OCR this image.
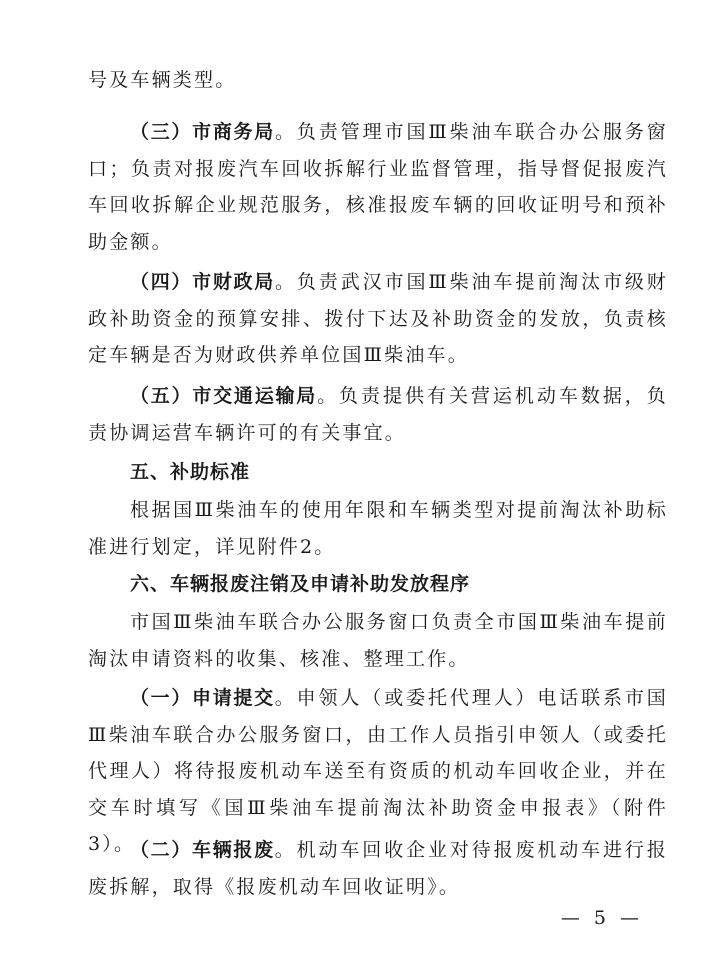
号及车辆类型。

（三）市商务局。负责管理市国Ⅲ柴油车联合办公服务窗口；负责对报废汽车回收拆解行业监督管理，指导督促报废汽车回收拆解企业规范服务，核准报废车辆的回收证明号和预补助金额。

（四）市财政局。负责武汉市国Ⅲ柴油车提前淘汰市级财政补助资金的预算安排、拨付下达及补助资金的发放，负责核定车辆是否为财政供养单位国Ⅲ柴油车。

（五）市交通运输局。负责提供有关营运机动车数据，负责协调运营车辆许可的有关事宜。

五、补助标准

根据国Ⅲ柴油车的使用年限和车辆类型对提前淘汰补助标准进行划定，详见附件2。

六、车辆报废注销及申请补助发放程序

市国Ⅲ柴油车联合办公服务窗口负责全市国Ⅲ柴油车提前淘汰申请资料的收集、核准、整理工作。

（一）申请提交。申领人（或委托代理人）电话联系市国Ⅲ柴油车联合办公服务窗口，由工作人员指引申领人（或委托代理人）将待报废机动车送至有资质的机动车回收企业，并在交车时填写《国Ⅲ柴油车提前淘汰补助资金申报表》（附件3）。

（二）车辆报废。机动车回收企业对待报废机动车进行报废拆解，取得《报废机动车回收证明》。

— 5 —
